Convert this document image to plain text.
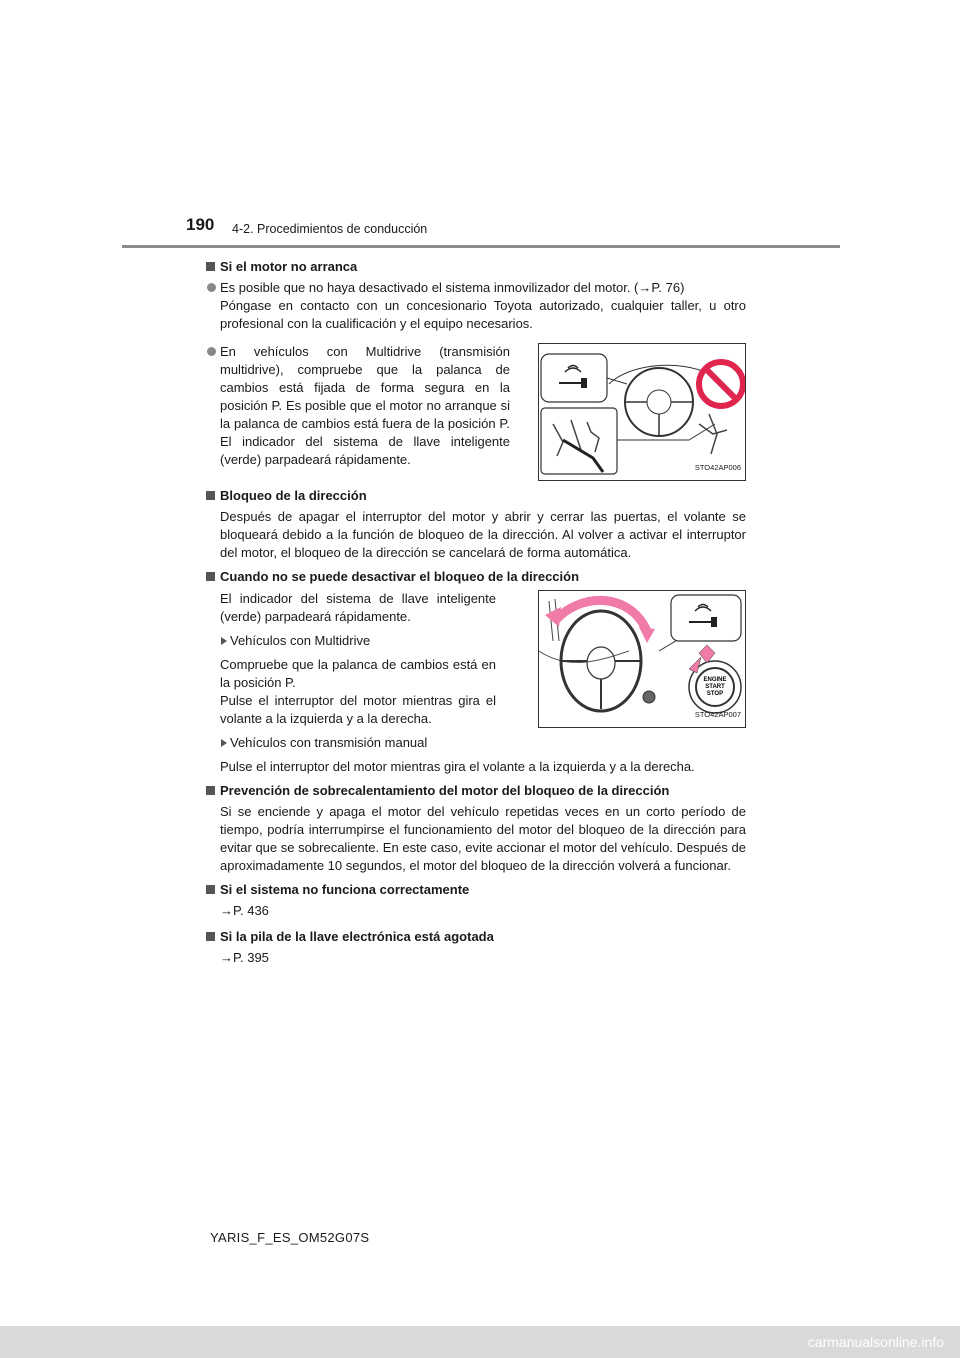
190 4-2. Procedimientos de conducción
Si el motor no arranca
Es posible que no haya desactivado el sistema inmovilizador del motor. (→P. 76)
Póngase en contacto con un concesionario Toyota autorizado, cualquier taller, u otro profesional con la cualificación y el equipo necesarios.
En vehículos con Multidrive (transmisión multidrive), compruebe que la palanca de cambios está fijada de forma segura en la posición P. Es posible que el motor no arranque si la palanca de cambios está fuera de la posición P. El indicador del sistema de llave inteligente (verde) parpadeará rápidamente.
STO42AP006
Bloqueo de la dirección
Después de apagar el interruptor del motor y abrir y cerrar las puertas, el volante se bloqueará debido a la función de bloqueo de la dirección. Al volver a activar el interruptor del motor, el bloqueo de la dirección se cancelará de forma automática.
Cuando no se puede desactivar el bloqueo de la dirección
El indicador del sistema de llave inteligente (verde) parpadeará rápidamente.
Vehículos con Multidrive
Compruebe que la palanca de cambios está en la posición P.
Pulse el interruptor del motor mientras gira el volante a la izquierda y a la derecha.
Vehículos con transmisión manual
ENGINE
START
STOP
STO42AP007
Pulse el interruptor del motor mientras gira el volante a la izquierda y a la derecha.
Prevención de sobrecalentamiento del motor del bloqueo de la dirección
Si se enciende y apaga el motor del vehículo repetidas veces en un corto período de tiempo, podría interrumpirse el funcionamiento del motor del bloqueo de la dirección para evitar que se sobrecaliente. En este caso, evite accionar el motor del vehículo. Después de aproximadamente 10 segundos, el motor del bloqueo de la dirección volverá a funcionar.
Si el sistema no funciona correctamente
→P. 436
Si la pila de la llave electrónica está agotada
→P. 395
YARIS_F_ES_OM52G07S
carmanualsonline.info
